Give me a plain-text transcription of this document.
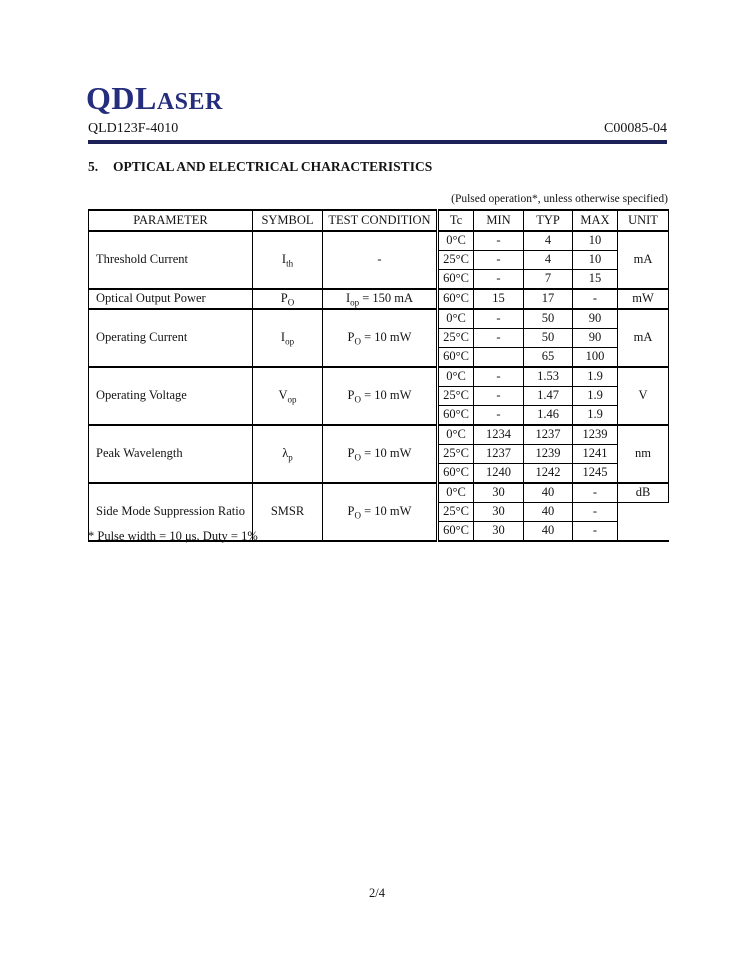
QDLASER
QLD123F-4010	C00085-04
5. OPTICAL AND ELECTRICAL CHARACTERISTICS
(Pulsed operation*, unless otherwise specified)
PARAMETER	SYMBOL	TEST CONDITION	Tc	MIN	TYP	MAX	UNIT
Threshold Current	$I_{th}$	-	0°C	-	4	10	mA
			25°C	-	4	10	
			60°C	-	7	15	
Optical Output Power	$P_O$	$I_{op} = 150$ mA	60°C	15	17	-	mW
Operating Current	$I_{op}$	$P_O = 10$ mW	0°C	-	50	90	mA
			25°C	-	50	90	
			60°C		65	100	
Operating Voltage	$V_{op}$	$P_O = 10$ mW	0°C	-	1.53	1.9	V
			25°C	-	1.47	1.9	
			60°C	-	1.46	1.9	
Peak Wavelength	$\lambda_p$	$P_O = 10$ mW	0°C	1234	1237	1239	nm
			25°C	1237	1239	1241	
			60°C	1240	1242	1245	
Side Mode Suppression Ratio	SMSR	$P_O = 10$ mW	0°C	30	40	-	dB
			25°C	30	40	-	
			60°C	30	40	-	
* Pulse width = 10 μs, Duty = 1%
2/4
